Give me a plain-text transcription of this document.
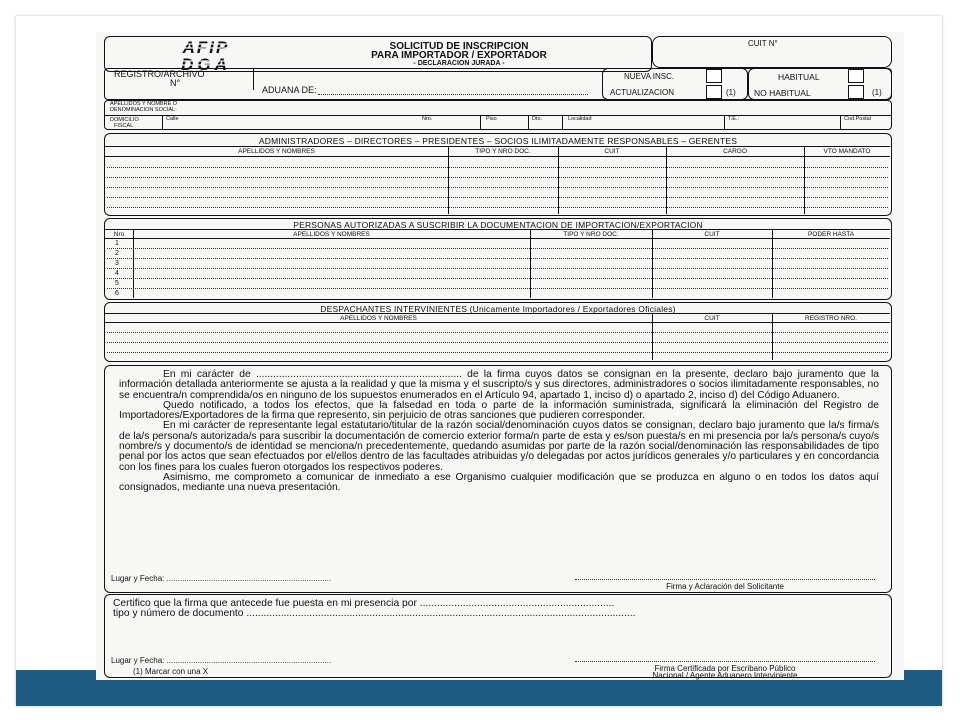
AFIP
DGA
SOLICITUD DE INSCRIPCION
PARA IMPORTADOR / EXPORTADOR
- DECLARACION JURADA -
CUIT N°
REGISTRO/ARCHIVO
N°
ADUANA DE:
NUEVA INSC.
ACTUALIZACION	(1)
HABITUAL
NO HABITUAL	(1)
APELLIDOS Y NOMBRE O
DENOMINACION SOCIAL:
DOMICILIO
FISCAL
Calle	Nro.	Piso	Dto.	Localidad	T.E.:	Cod.Postal
ADMINISTRADORES – DIRECTORES – PRESIDENTES – SOCIOS ILIMITADAMENTE RESPONSABLES – GERENTES
APELLIDOS Y NOMBRES	TIPO Y NRO DOC.	CUIT	CARGO	VTO MANDATO
PERSONAS AUTORIZADAS A SUSCRIBIR LA DOCUMENTACION DE IMPORTACION/EXPORTACION
Nro	APELLIDOS Y NOMBRES	TIPO Y NRO DOC.	CUIT	PODER HASTA
1
2
3
4
5
6
DESPACHANTES INTERVINIENTES (Unicamente Importadores / Exportadores Oficiales)
APELLIDOS Y NOMBRES	CUIT	REGISTRO NRO.

En mi carácter de ........................................................................ de la firma cuyos datos se consignan en la presente, declaro bajo juramento que la información detallada anteriormente se ajusta a la realidad y que la misma y el suscripto/s y sus directores, administradores o socios ilimitadamente responsables, no se encuentra/n comprendida/os en ninguno de los supuestos enumerados en el Artículo 94, apartado 1, inciso d) o apartado 2, inciso d) del Código Aduanero.

Quedo notificado, a todos los efectos, que la falsedad en toda o parte de la información suministrada, significará la eliminación del Registro de Importadores/Exportadores de la firma que represento, sin perjuicio de otras sanciones que pudieren corresponder.

En mi carácter de representante legal estatutario/titular de la razón social/denominación cuyos datos se consignan, declaro bajo juramento que la/s firma/s de la/s persona/s autorizada/s para suscribir la documentación de comercio exterior forma/n parte de esta y es/son puesta/s en mi presencia por la/s persona/s cuyo/s nombre/s y documento/s de identidad se menciona/n precedentemente, quedando asumidas por parte de la razón social/denominación las responsabilidades de tipo penal por los actos que sean efectuados por el/ellos dentro de las facultades atribuidas y/o delegadas por actos jurídicos generales y/o particulares y en concordancia con los fines para los cuales fueron otorgados los respectivos poderes.

Asimismo, me comprometo a comunicar de inmediato a ese Organismo cualquier modificación que se produzca en alguno o en todos los datos aquí consignados, mediante una nueva presentación.

Lugar y Fecha: ..........................................................................
Firma y Aclaración del Solicitante
Certifico que la firma que antecede fue puesta en mi presencia por ....................................................................
tipo y número de documento ........................................................................................................................................
Lugar y Fecha: ..........................................................................
Firma Certificada por Escribano Público
Nacional / Agente Aduanero Interviniente
(1) Marcar con una X
